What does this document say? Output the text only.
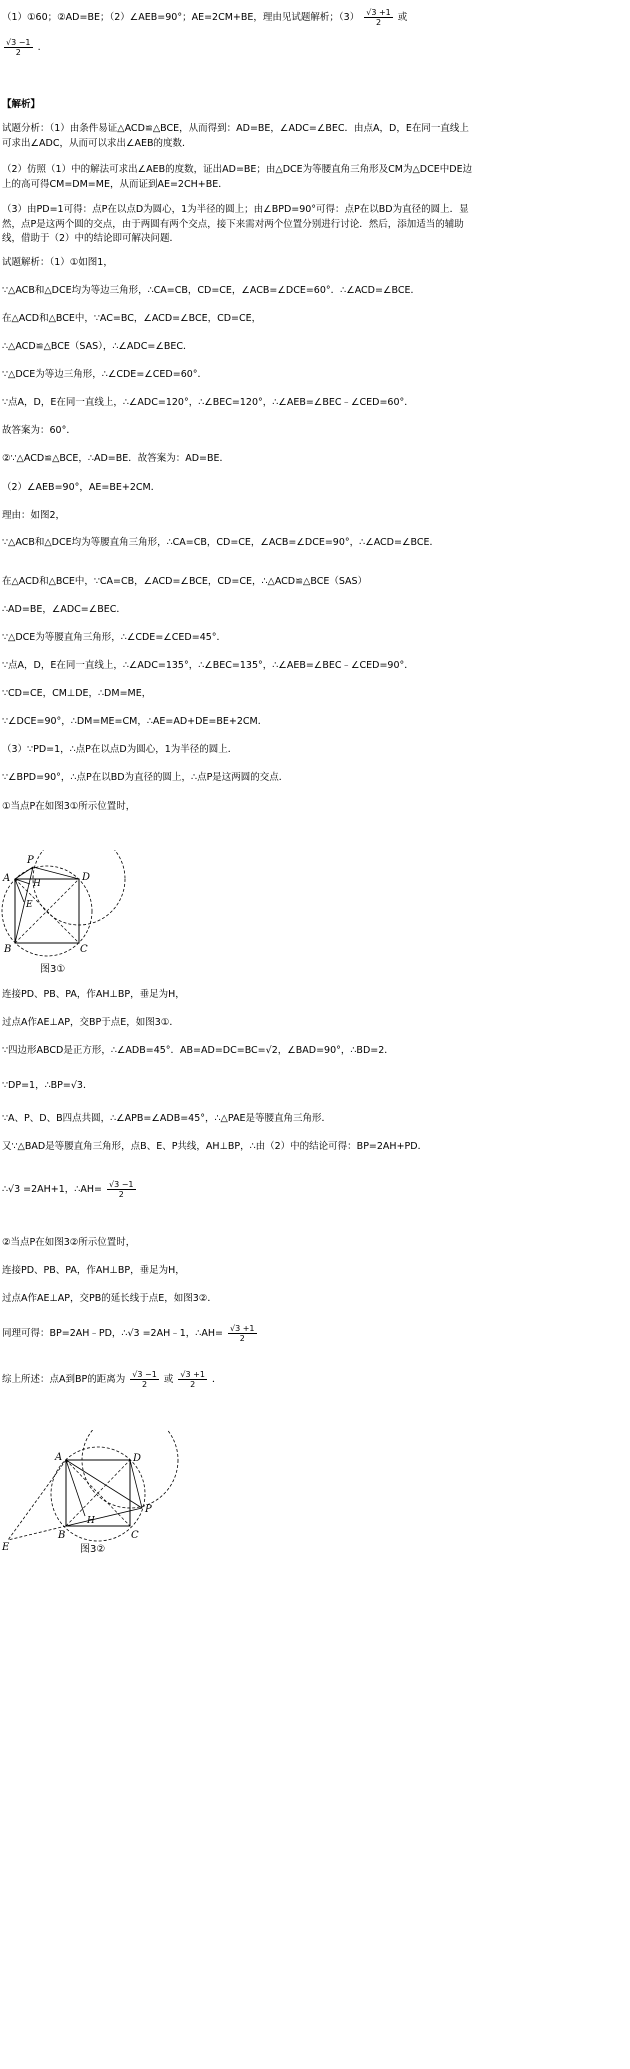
（1）①60；②AD=BE；（2）∠AEB=90°；AE=2CM+BE，理由见试题解析；$(3) \frac{√3 +1}{2}$ 或

$\frac{√3 -1}{2}$ .

【解析】

试题分析：（1）由条件易证△ACD≌△BCE，从而得到：AD=BE，∠ADC=∠BEC．由点A，D，E在同一直线上可求出∠ADC，从而可以求出∠AEB的度数．

（2）仿照（1）中的解法可求出∠AEB的度数，证出AD=BE；由△DCE为等腰直角三角形及CM为△DCE中DE边上的高可得CM=DM=ME，从而证到AE=2CH+BE．

（3）由PD=1可得：点P在以点D为圆心，1为半径的圆上；由∠BPD=90°可得：点P在以BD为直径的圆上．显然，点P是这两个圆的交点，由于两圆有两个交点，接下来需对两个位置分别进行讨论．然后，添加适当的辅助线，借助于（2）中的结论即可解决问题．

试题解析：（1）①如图1，

∵△ACB和△DCE均为等边三角形，∴CA=CB，CD=CE，∠ACB=∠DCE=60°．∴∠ACD=∠BCE．

在△ACD和△BCE中，∵AC=BC，∠ACD=∠BCE，CD=CE，

∴△ACD≌△BCE（SAS），∴∠ADC=∠BEC．

∵△DCE为等边三角形，∴∠CDE=∠CED=60°．

∵点A，D，E在同一直线上，∴∠ADC=120°，∴∠BEC=120°，∴∠AEB=∠BEC﹣∠CED=60°．

故答案为：60°．

②∵△ACD≌△BCE，∴AD=BE．故答案为：AD=BE．

（2）∠AEB=90°，AE=BE+2CM．

理由：如图2，

∵△ACB和△DCE均为等腰直角三角形，∴CA=CB，CD=CE，∠ACB=∠DCE=90°，∴∠ACD=∠BCE．

在△ACD和△BCE中，∵CA=CB，∠ACD=∠BCE，CD=CE，∴△ACD≌△BCE（SAS）

∴AD=BE，∠ADC=∠BEC．

∵△DCE为等腰直角三角形，∴∠CDE=∠CED=45°．

∵点A，D，E在同一直线上，∴∠ADC=135°，∴∠BEC=135°，∴∠AEB=∠BEC﹣∠CED=90°．

∵CD=CE，CM⊥DE，∴DM=ME，

∵∠DCE=90°，∴DM=ME=CM，∴AE=AD+DE=BE+2CM．

（3）∵PD=1，∴点P在以点D为圆心，1为半径的圆上．

∵∠BPD=90°，∴点P在以BD为直径的圆上，∴点P是这两圆的交点．

①当点P在如图3①所示位置时，

P
A	H
E
D
B	C
图3①

连接PD、PB、PA，作AH⊥BP，垂足为H，

过点A作AE⊥AP，交BP于点E，如图3①．

∵四边形ABCD是正方形，∴∠ADB=45°．AB=AD=DC=BC=√2，∠BAD=90°，∴BD=2．

∵DP=1，∴BP=√3．

∵A、P、D、B四点共圆，∴∠APB=∠ADB=45°，∴△PAE是等腰直角三角形．

又∵△BAD是等腰直角三角形，点B、E、P共线，AH⊥BP，∴由（2）中的结论可得：BP=2AH+PD．

∴√3 =2AH+1，∴AH= $\frac{√3 -1}{2}$

②当点P在如图3②所示位置时，

连接PD、PB、PA，作AH⊥BP，垂足为H，

过点A作AE⊥AP，交PB的延长线于点E，如图3②．

同理可得：BP=2AH﹣PD，∴√3 =2AH﹣1，∴AH= $\frac{√3 +1}{2}$

综上所述：点A到BP的距离为 $\frac{√3 -1}{2}$ 或 $\frac{√3 +1}{2}$ ．

A	D
P
H
B	C
E	图3②
